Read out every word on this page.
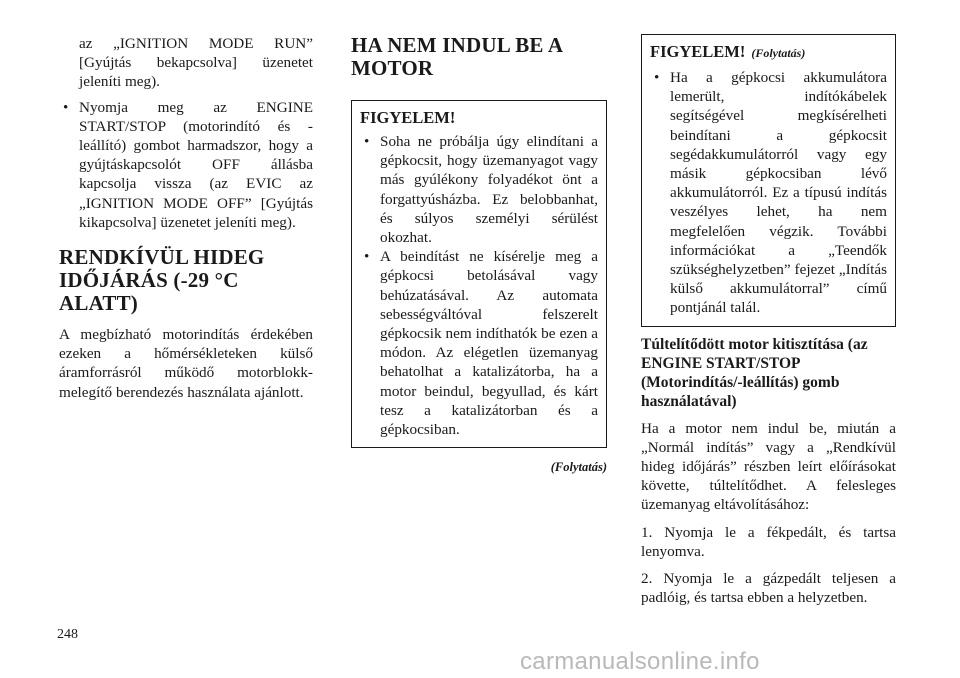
az „IGNITION MODE RUN” [Gyújtás bekapcsolva] üzenetet jeleníti meg).

• Nyomja meg az ENGINE START/STOP (motorindító és -leállító) gombot harmadszor, hogy a gyújtáskapcsolót OFF állásba kapcsolja vissza (az EVIC az „IGNITION MODE OFF” [Gyújtás kikapcsolva] üzenetet jeleníti meg).
RENDKÍVÜL HIDEG IDŐJÁRÁS (-29 °C ALATT)

A megbízható motorindítás érdekében ezeken a hőmérsékleteken külső áramforrásról működő motorblokk-melegítő berendezés használata ajánlott.

HA NEM INDUL BE A MOTOR
FIGYELEM!
• Soha ne próbálja úgy elindítani a gépkocsit, hogy üzemanyagot vagy más gyúlékony folyadékot önt a forgattyúsházba. Ez belobbanhat, és súlyos személyi sérülést okozhat.
• A beindítást ne kísérelje meg a gépkocsi betolásával vagy behúzatásával. Az automata sebességváltóval felszerelt gépkocsik nem indíthatók be ezen a módon. Az elégetlen üzemanyag behatolhat a katalizátorba, ha a motor beindul, begyullad, és kárt tesz a katalizátorban és a gépkocsiban.
(Folytatás)
FIGYELEM! (Folytatás)
• Ha a gépkocsi akkumulátora lemerült, indítókábelek segítségével megkísérelheti beindítani a gépkocsit segédakkumulátorról vagy egy másik gépkocsiban lévő akkumulátorról. Ez a típusú indítás veszélyes lehet, ha nem megfelelően végzik. További információkat a „Teendők szükséghelyzetben” fejezet „Indítás külső akkumulátorral” című pontjánál talál.
Túltelítődött motor kitisztítása (az ENGINE START/STOP (Motorindítás/-leállítás) gomb használatával)

Ha a motor nem indul be, miután a „Normál indítás” vagy a „Rendkívül hideg időjárás” részben leírt előírásokat követte, túltelítődhet. A felesleges üzemanyag eltávolításához:

1. Nyomja le a fékpedált, és tartsa lenyomva.

2. Nyomja le a gázpedált teljesen a padlóig, és tartsa ebben a helyzetben.

248
carmanualsonline.info
